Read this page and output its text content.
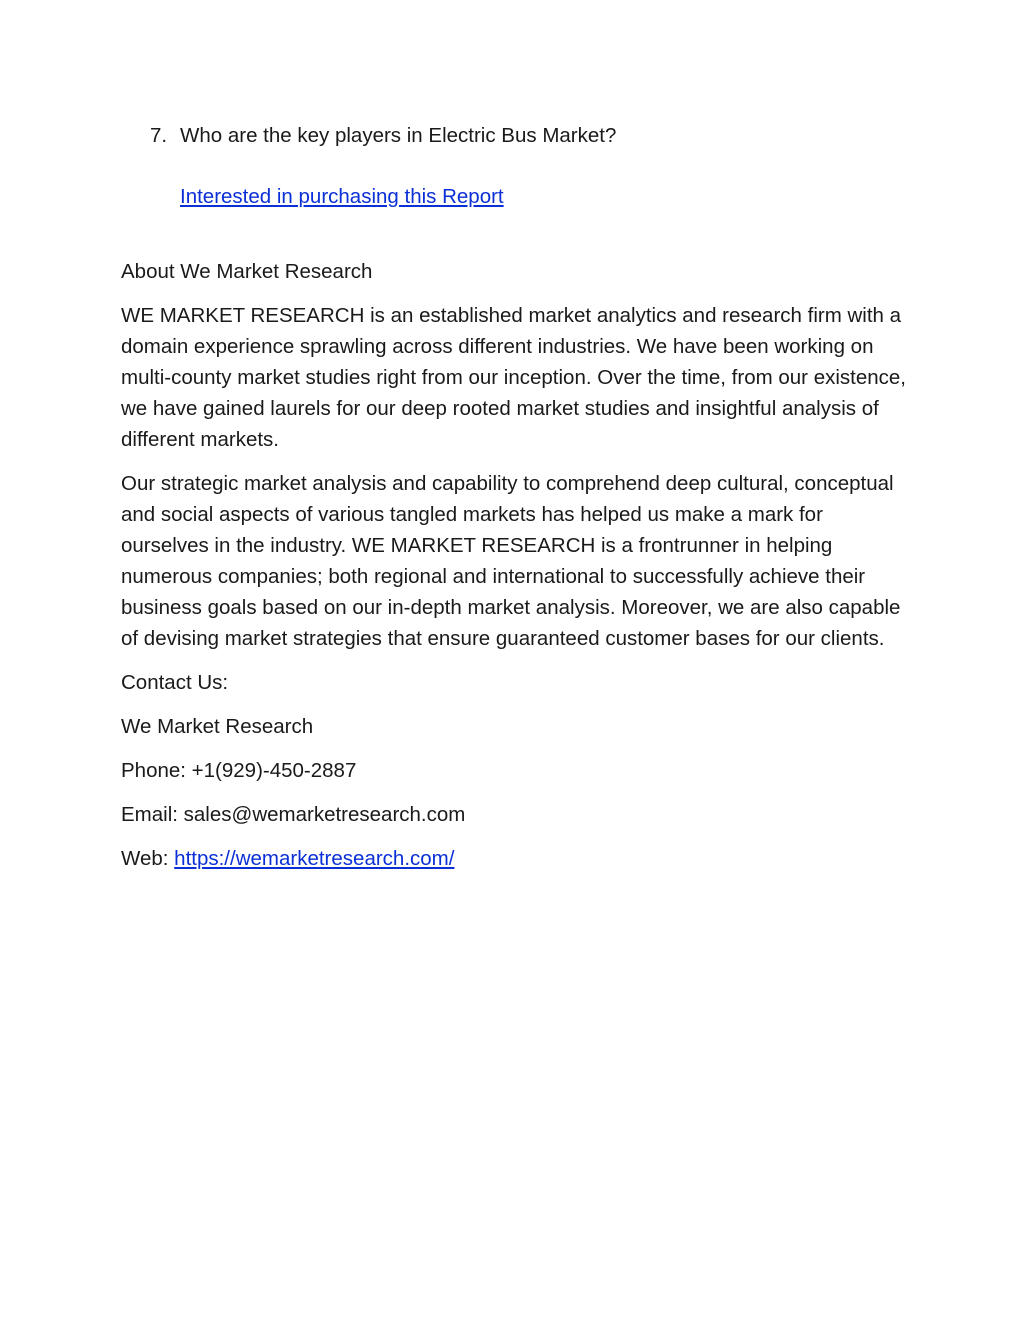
7. Who are the key players in Electric Bus Market?
Interested in purchasing this Report
About We Market Research

WE MARKET RESEARCH is an established market analytics and research firm with a domain experience sprawling across different industries. We have been working on multi-county market studies right from our inception. Over the time, from our existence, we have gained laurels for our deep rooted market studies and insightful analysis of different markets.

Our strategic market analysis and capability to comprehend deep cultural, conceptual and social aspects of various tangled markets has helped us make a mark for ourselves in the industry. WE MARKET RESEARCH is a frontrunner in helping numerous companies; both regional and international to successfully achieve their business goals based on our in-depth market analysis. Moreover, we are also capable of devising market strategies that ensure guaranteed customer bases for our clients.

Contact Us:
We Market Research
Phone: +1(929)-450-2887
Email: sales@wemarketresearch.com
Web: https://wemarketresearch.com/
